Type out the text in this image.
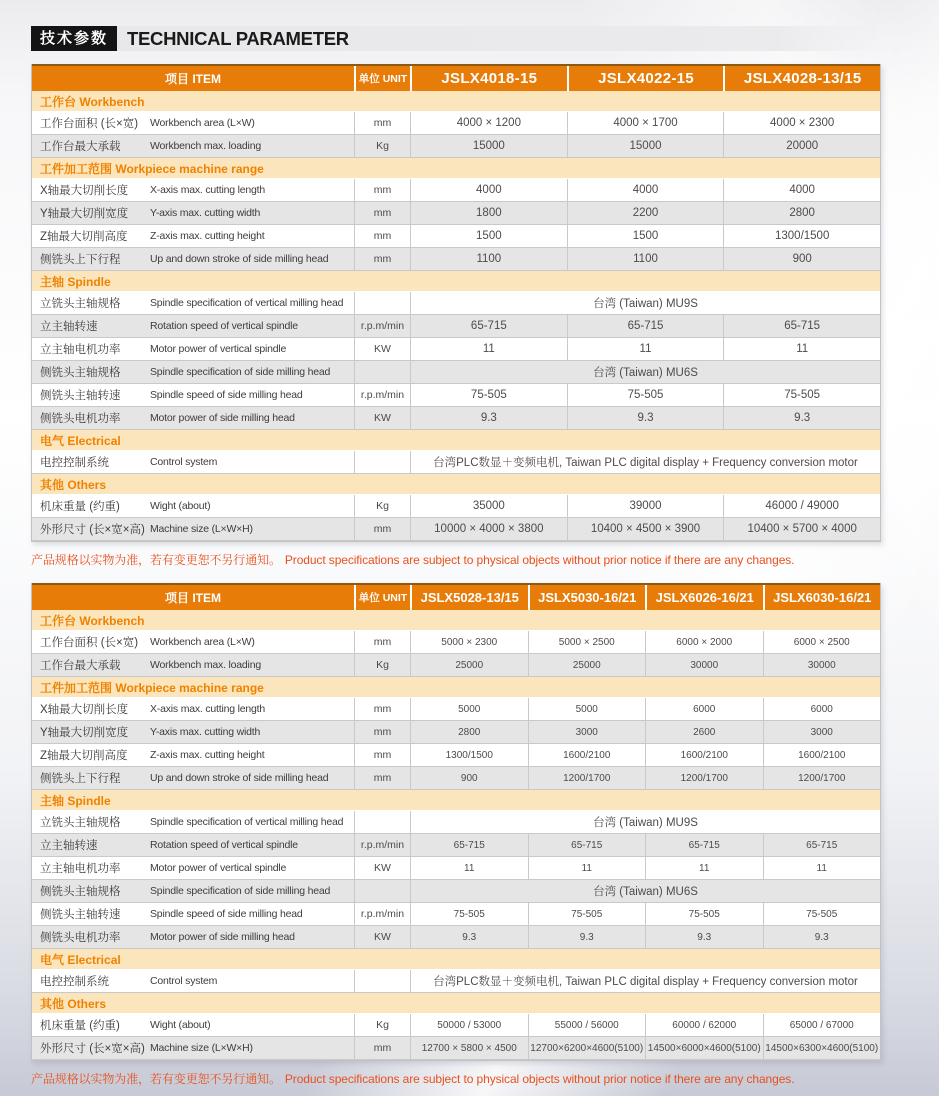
技术参数	TECHNICAL PARAMETER
项目 ITEM	单位 UNIT	JSLX4018-15	JSLX4022-15	JSLX4028-13/15
工作台 Workbench
工作台面积 (长×宽)	Workbench area (L×W)	mm	4000 × 1200	4000 × 1700	4000 × 2300
工作台最大承载	Workbench max. loading	Kg	15000	15000	20000
工件加工范围 Workpiece machine range
X轴最大切削长度	X-axis max. cutting length	mm	4000	4000	4000
Y轴最大切削宽度	Y-axis max. cutting width	mm	1800	2200	2800
Z轴最大切削高度	Z-axis max. cutting height	mm	1500	1500	1300/1500
侧铣头上下行程	Up and down stroke of side milling head	mm	1100	1100	900
主轴 Spindle
立铣头主轴规格	Spindle specification of vertical milling head	台湾 (Taiwan) MU9S
立主轴转速	Rotation speed of vertical spindle	r.p.m/min	65-715	65-715	65-715
立主轴电机功率	Motor power of vertical spindle	KW	11	11	11
侧铣头主轴规格	Spindle specification of side milling head	台湾 (Taiwan) MU6S
侧铣头主轴转速	Spindle speed of side milling head	r.p.m/min	75-505	75-505	75-505
侧铣头电机功率	Motor power of side milling head	KW	9.3	9.3	9.3
电气 Electrical
电控控制系统	Control system	台湾PLC数显＋变频电机, Taiwan PLC digital display + Frequency conversion motor
其他 Others
机床重量 (约重)	Wight (about)	Kg	35000	39000	46000 / 49000
外形尺寸 (长×宽×高) Machine size (L×W×H)	mm	10000 × 4000 × 3800	10400 × 4500 × 3900	10400 × 5700 × 4000
产品规格以实物为准，若有变更恕不另行通知。 Product specifications are subject to physical objects without prior notice if there are any changes.
项目 ITEM	单位 UNIT	JSLX5028-13/15	JSLX5030-16/21	JSLX6026-16/21	JSLX6030-16/21
工作台 Workbench
工作台面积 (长×宽)	Workbench area (L×W)	mm	5000 × 2300	5000 × 2500	6000 × 2000	6000 × 2500
工作台最大承载	Workbench max. loading	Kg	25000	25000	30000	30000
工件加工范围 Workpiece machine range
X轴最大切削长度	X-axis max. cutting length	mm	5000	5000	6000	6000
Y轴最大切削宽度	Y-axis max. cutting width	mm	2800	3000	2600	3000
Z轴最大切削高度	Z-axis max. cutting height	mm	1300/1500	1600/2100	1600/2100	1600/2100
侧铣头上下行程	Up and down stroke of side milling head	mm	900	1200/1700	1200/1700	1200/1700
主轴 Spindle
立铣头主轴规格	Spindle specification of vertical milling head	台湾 (Taiwan) MU9S
立主轴转速	Rotation speed of vertical spindle	r.p.m/min	65-715	65-715	65-715	65-715
立主轴电机功率	Motor power of vertical spindle	KW	11	11	11	11
侧铣头主轴规格	Spindle specification of side milling head	台湾 (Taiwan) MU6S
侧铣头主轴转速	Spindle speed of side milling head	r.p.m/min	75-505	75-505	75-505	75-505
侧铣头电机功率	Motor power of side milling head	KW	9.3	9.3	9.3	9.3
电气 Electrical
电控控制系统	Control system	台湾PLC数显＋变频电机, Taiwan PLC digital display + Frequency conversion motor
其他 Others
机床重量 (约重)	Wight (about)	Kg	50000 / 53000	55000 / 56000	60000 / 62000	65000 / 67000
外形尺寸 (长×宽×高) Machine size (L×W×H)	mm	12700 × 5800 × 4500	12700×6200×4600(5100) 14500×6000×4600(5100) 14500×6300×4600(5100)
产品规格以实物为准，若有变更恕不另行通知。 Product specifications are subject to physical objects without prior notice if there are any changes.
